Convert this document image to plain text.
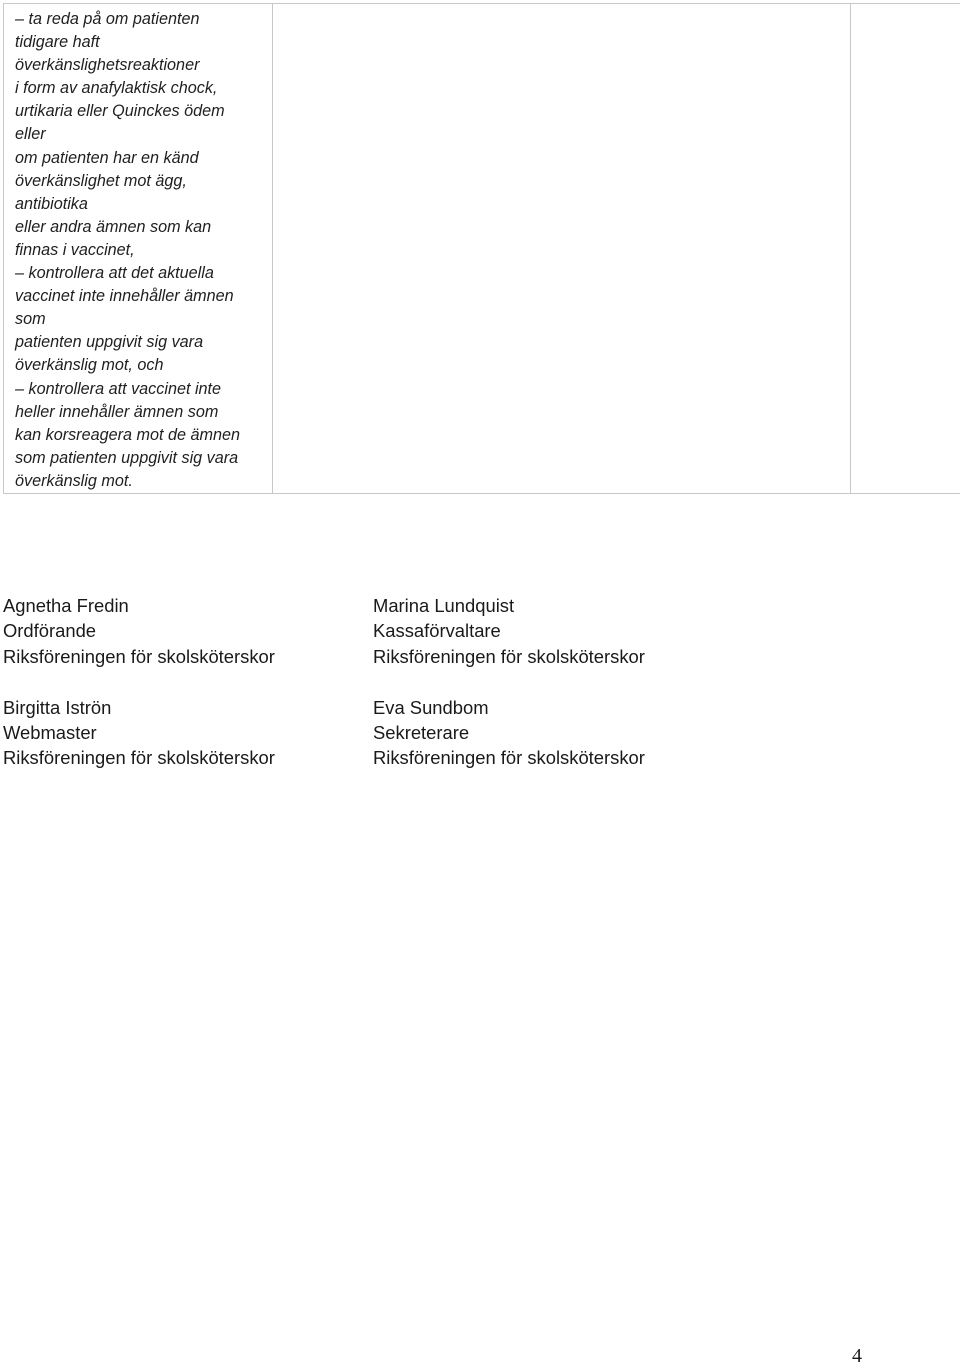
– ta reda på om patienten
tidigare haft
överkänslighetsreaktioner
i form av anafylaktisk chock,
urtikaria eller Quinckes ödem
eller
om patienten har en känd
överkänslighet mot ägg,
antibiotika
eller andra ämnen som kan
finnas i vaccinet,
– kontrollera att det aktuella
vaccinet inte innehåller ämnen
som
patienten uppgivit sig vara
överkänslig mot, och
– kontrollera att vaccinet inte
heller innehåller ämnen som
kan korsreagera mot de ämnen
som patienten uppgivit sig vara
överkänslig mot.

Agnetha Fredin
Ordförande
Riksföreningen för skolsköterskor
Birgitta Iströn
Webmaster
Riksföreningen för skolsköterskor
Marina Lundquist
Kassaförvaltare
Riksföreningen för skolsköterskor
Eva Sundbom
Sekreterare
Riksföreningen för skolsköterskor
4
